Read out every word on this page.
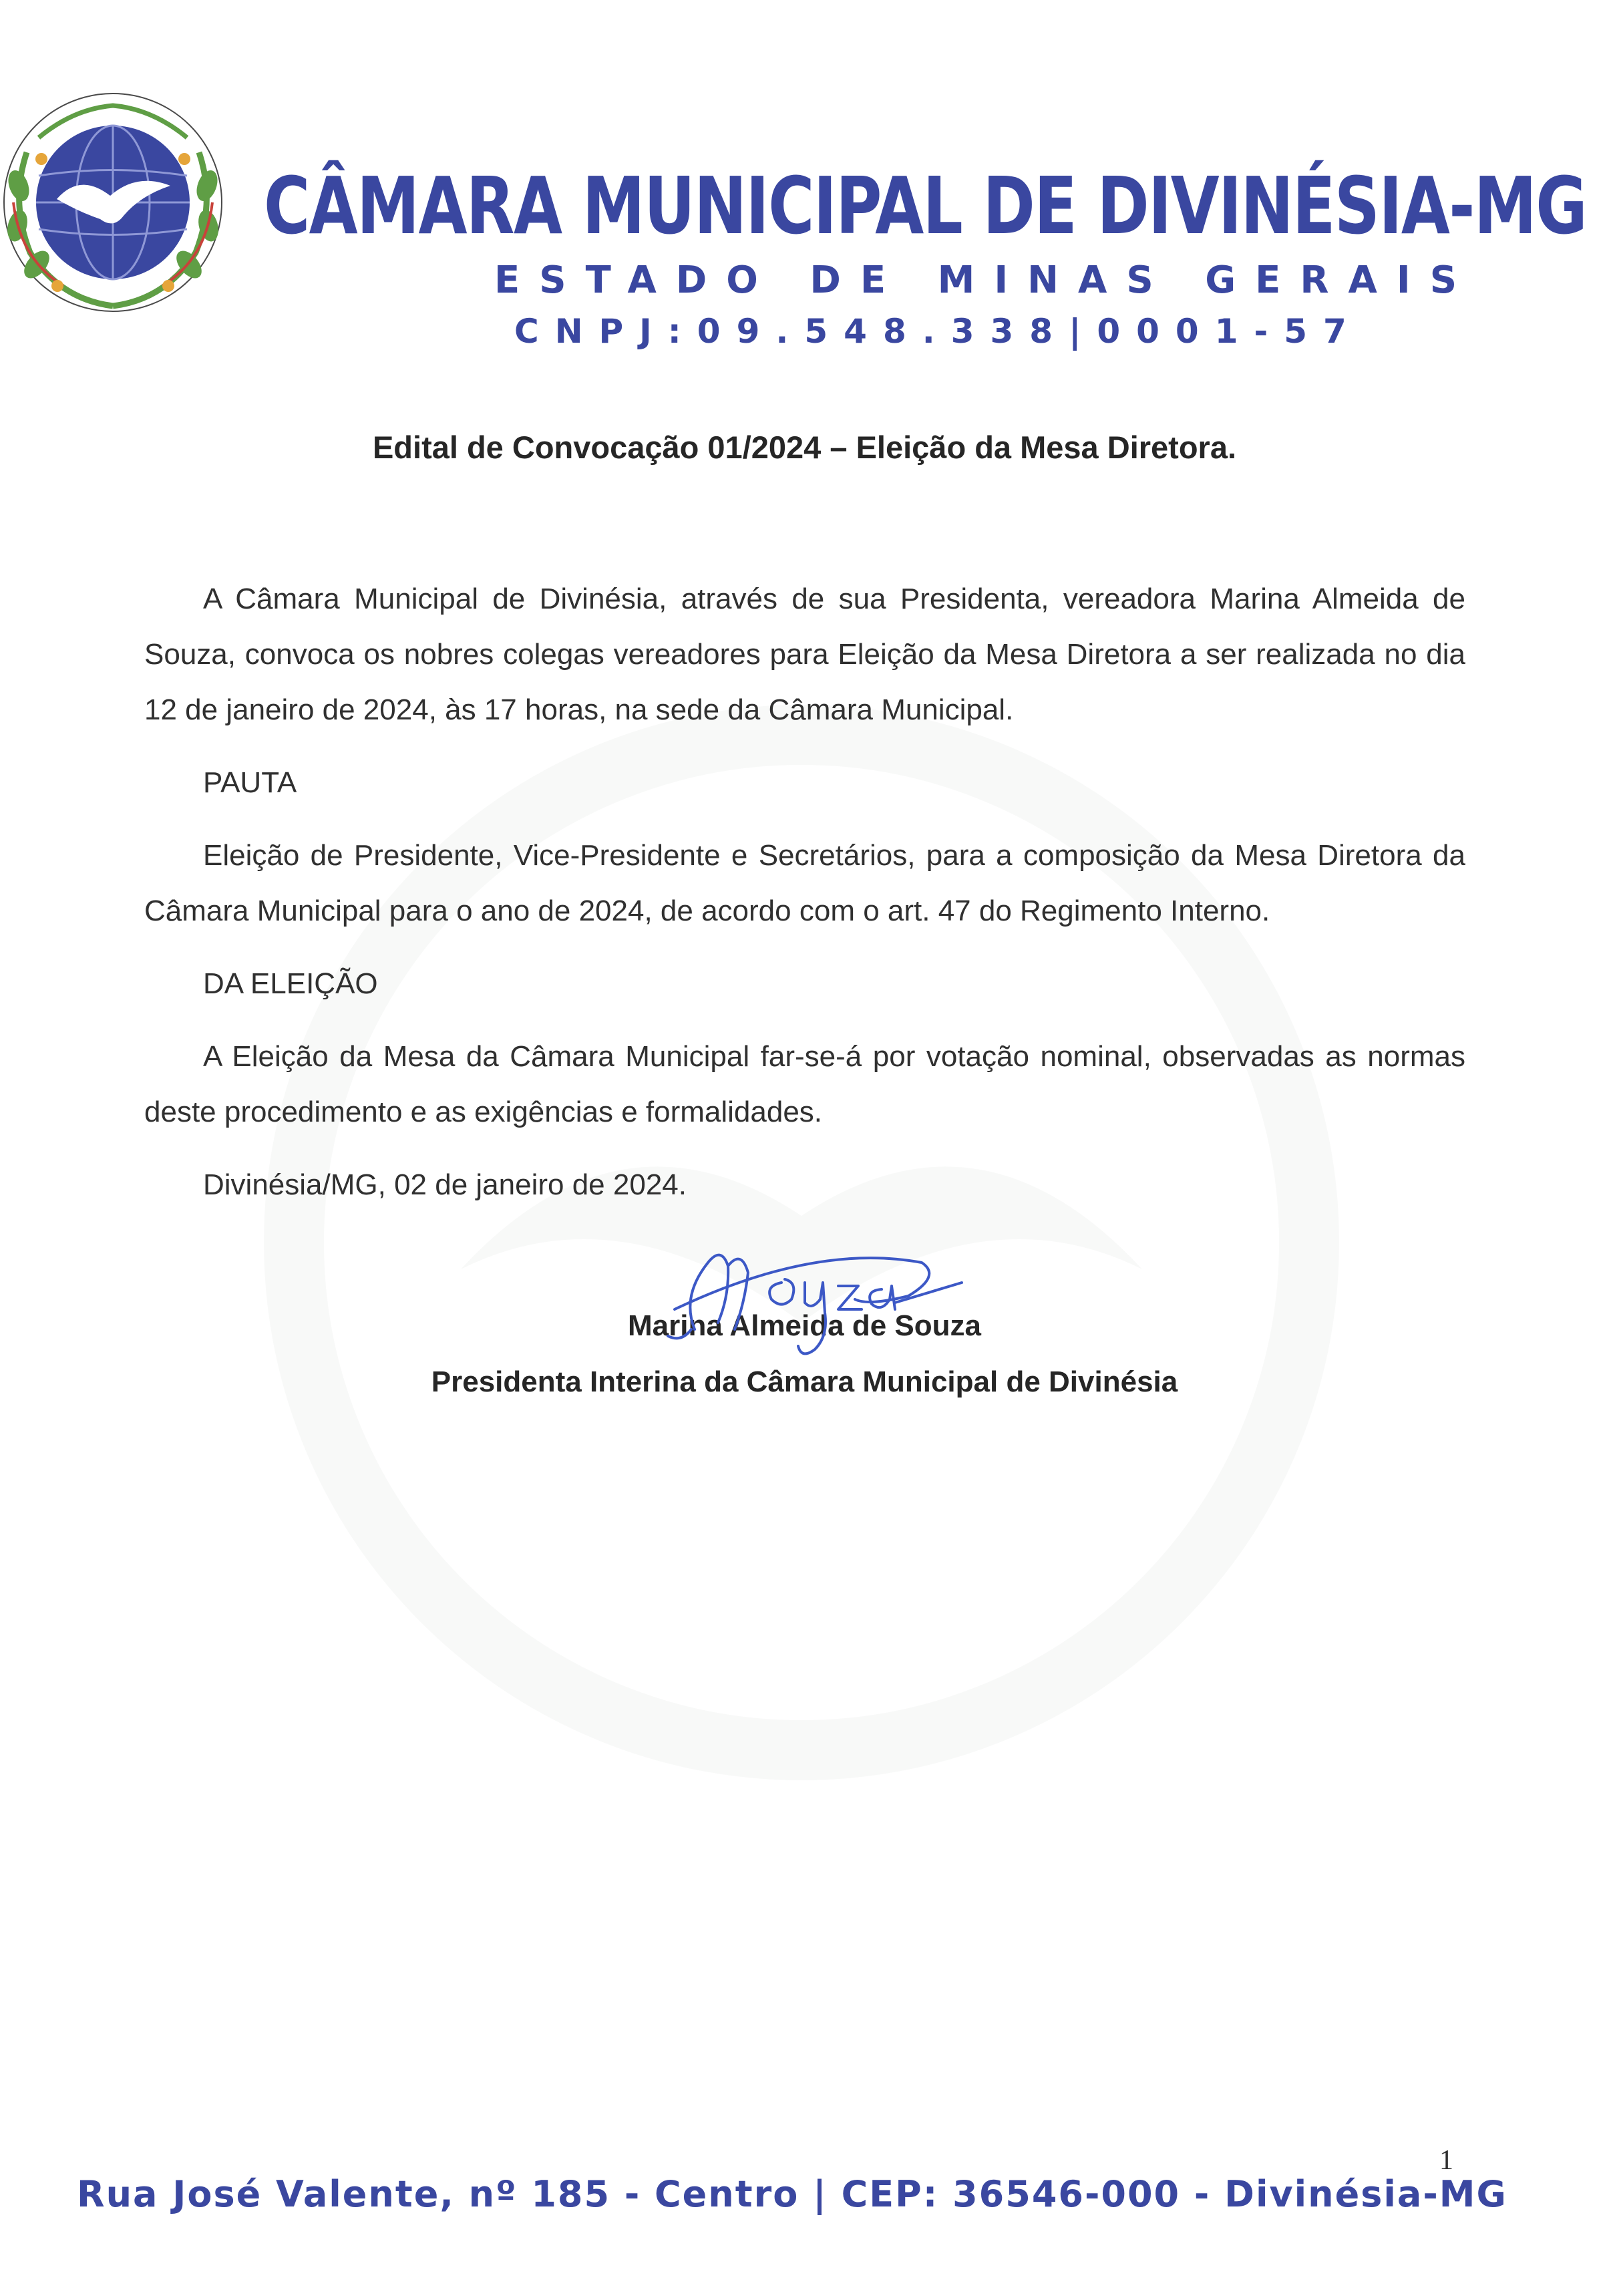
CÂMARA MUNICIPAL DE DIVINÉSIA-MG
ESTADO DE MINAS GERAIS
CNPJ:09.548.338|0001-57
Edital de Convocação 01/2024 – Eleição da Mesa Diretora.

A Câmara Municipal de Divinésia, através de sua Presidenta, vereadora Marina Almeida de Souza, convoca os nobres colegas vereadores para Eleição da Mesa Diretora a ser realizada no dia 12 de janeiro de 2024, às 17 horas, na sede da Câmara Municipal.

PAUTA

Eleição de Presidente, Vice-Presidente e Secretários, para a composição da Mesa Diretora da Câmara Municipal para o ano de 2024, de acordo com o art. 47 do Regimento Interno.

DA ELEIÇÃO

A Eleição da Mesa da Câmara Municipal far-se-á por votação nominal, observadas as normas deste procedimento e as exigências e formalidades.

Divinésia/MG, 02 de janeiro de 2024.

Marina Almeida de Souza
Presidenta Interina da Câmara Municipal de Divinésia
1
Rua José Valente, nº 185 - Centro | CEP: 36546-000 - Divinésia-MG
